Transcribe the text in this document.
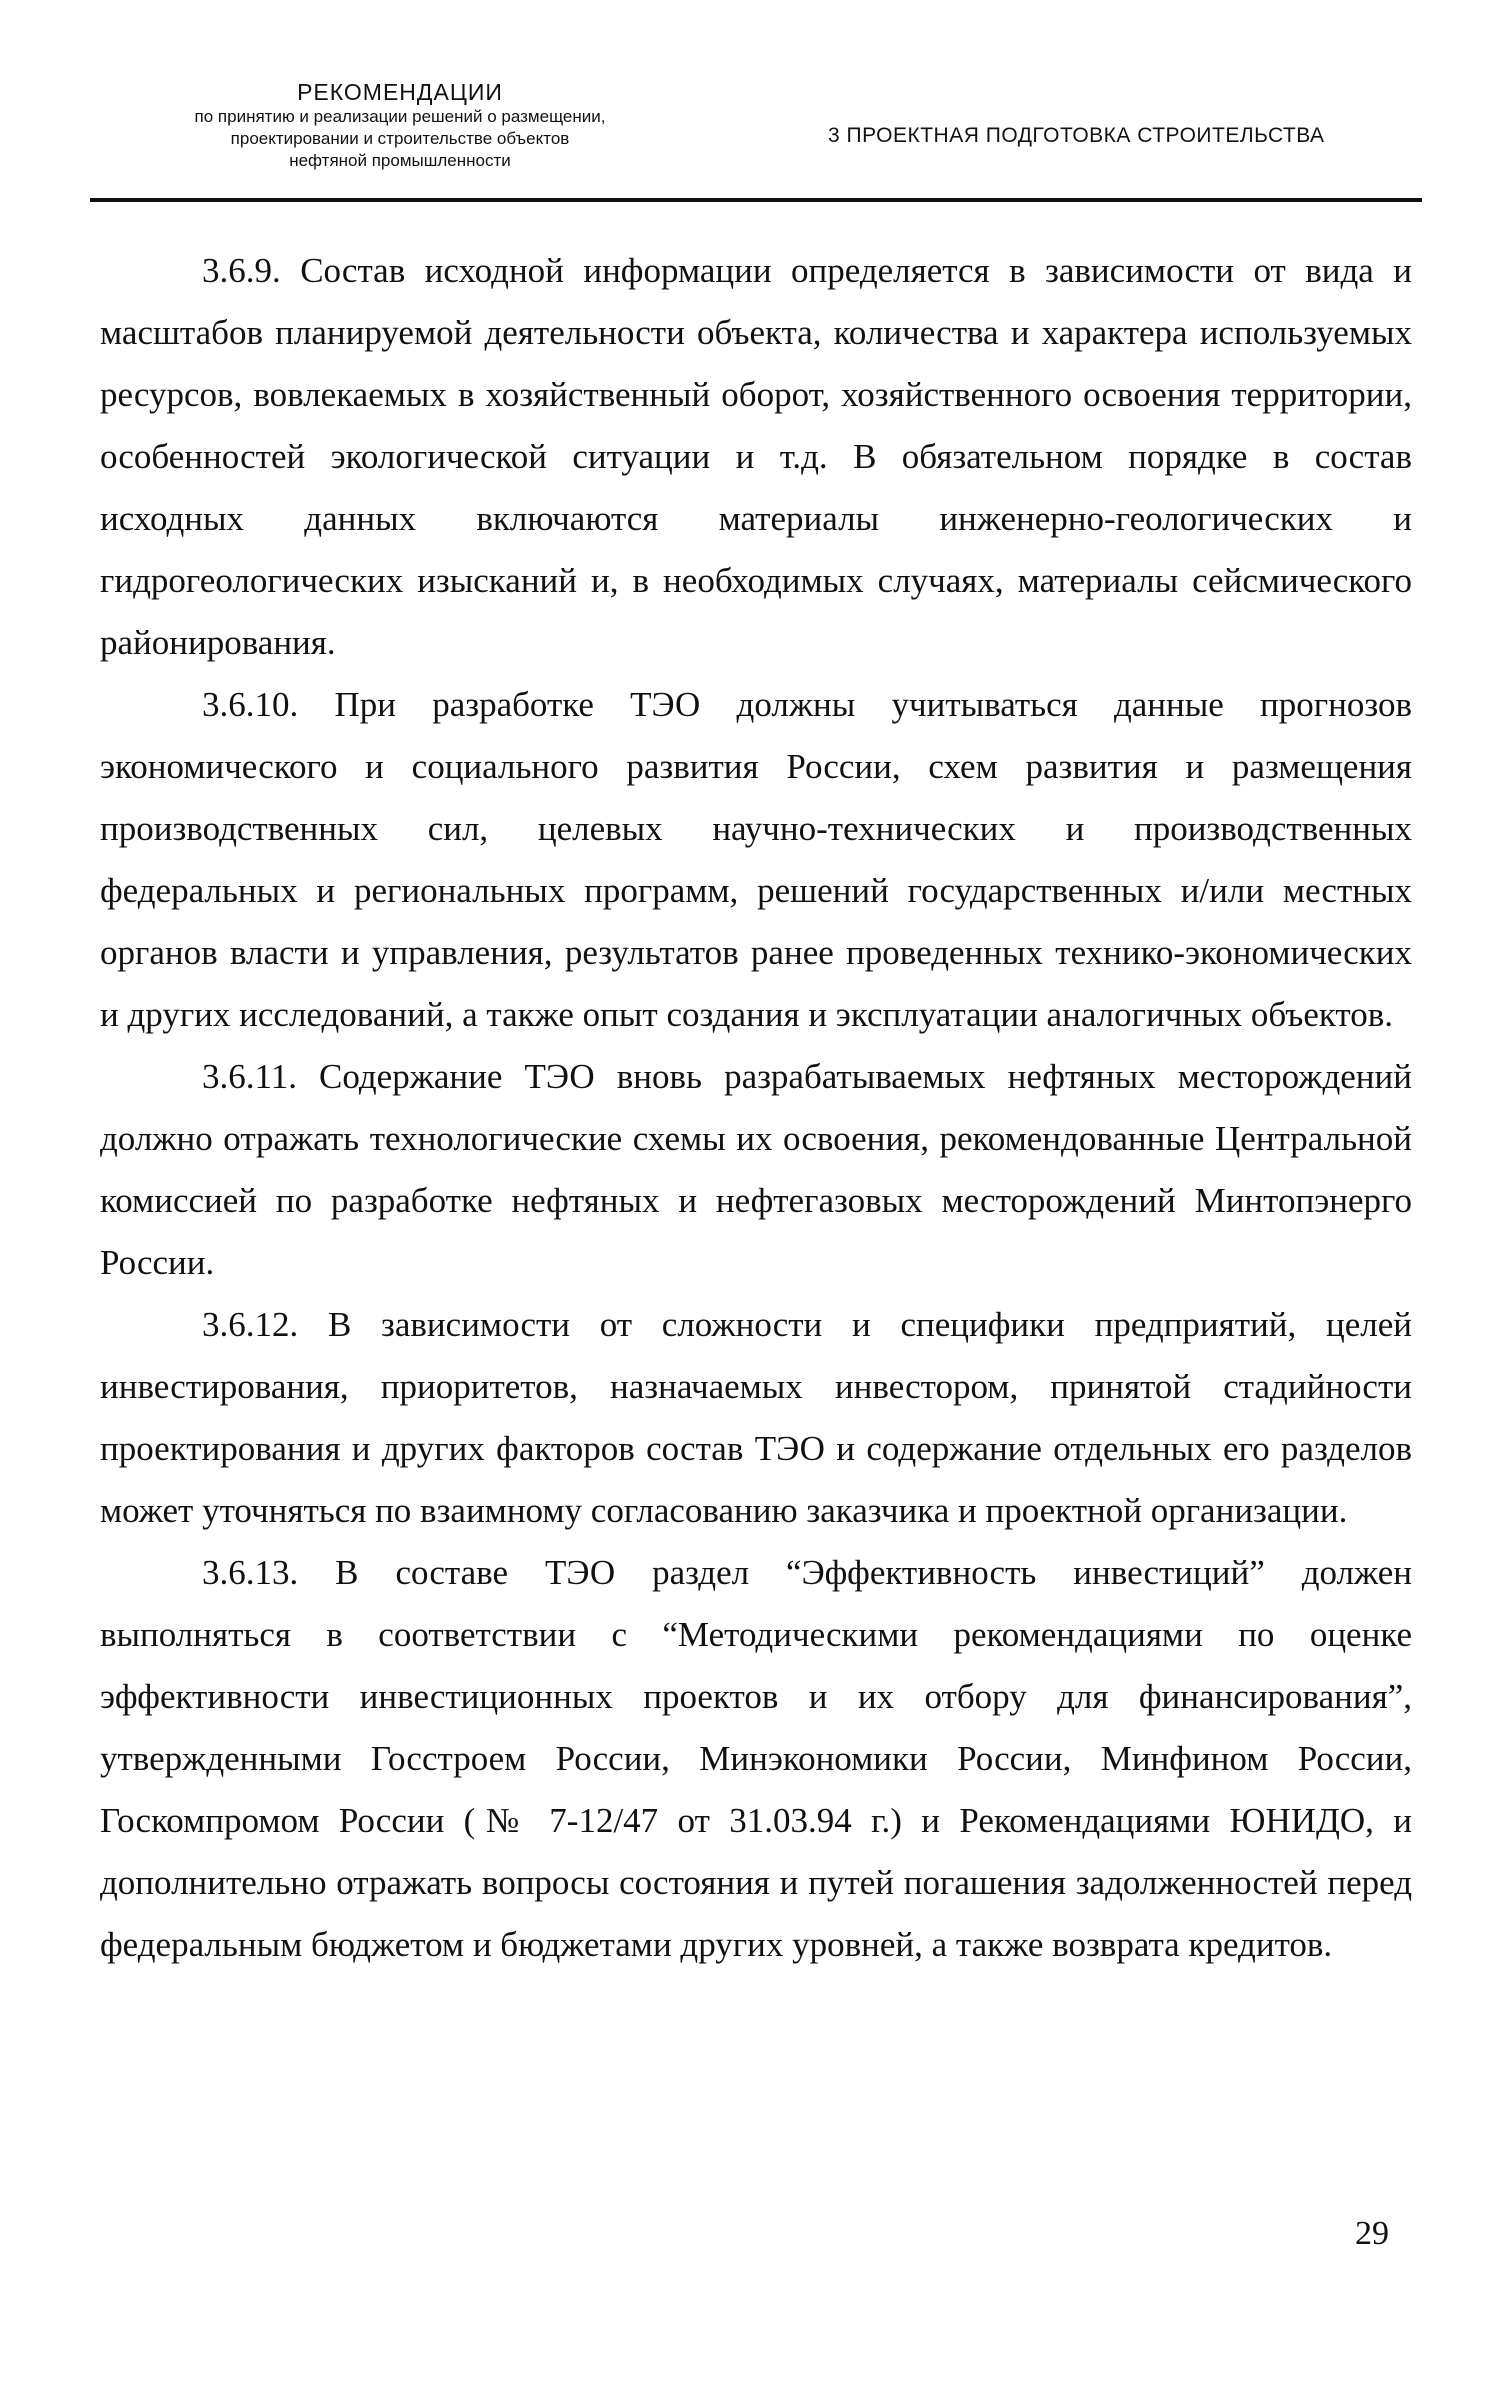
РЕКОМЕНДАЦИИ
по принятию и реализации решений о размещении,
проектировании и строительстве объектов
нефтяной промышленности
3 ПРОЕКТНАЯ ПОДГОТОВКА СТРОИТЕЛЬСТВА

3.6.9. Состав исходной информации определяется в зависимости от вида и масштабов планируемой деятельности объекта, количества и характера используемых ресурсов, вовлекаемых в хозяйственный оборот, хозяйственного освоения территории, особенностей экологической ситуации и т.д. В обязательном порядке в состав исходных данных включаются материалы инженерно-геологических и гидрогеологических изысканий и, в необходимых случаях, материалы сейсмического районирования.

3.6.10. При разработке ТЭО должны учитываться данные прогнозов экономического и социального развития России, схем развития и размещения производственных сил, целевых научно-технических и производственных федеральных и региональных программ, решений государственных и/или местных органов власти и управления, результатов ранее проведенных технико-экономических и других исследований, а также опыт создания и эксплуатации аналогичных объектов.

3.6.11. Содержание ТЭО вновь разрабатываемых нефтяных месторождений должно отражать технологические схемы их освоения, рекомендованные Центральной комиссией по разработке нефтяных и нефтегазовых месторождений Минтопэнерго России.

3.6.12. В зависимости от сложности и специфики предприятий, целей инвестирования, приоритетов, назначаемых инвестором, принятой стадийности проектирования и других факторов состав ТЭО и содержание отдельных его разделов может уточняться по взаимному согласованию заказчика и проектной организации.

3.6.13. В составе ТЭО раздел “Эффективность инвестиций” должен выполняться в соответствии с “Методическими рекомендациями по оценке эффективности инвестиционных проектов и их отбору для финансирования”, утвержденными Госстроем России, Минэкономики России, Минфином России, Госкомпромом России (№ 7-12/47 от 31.03.94 г.) и Рекомендациями ЮНИДО, и дополнительно отражать вопросы состояния и путей погашения задолженностей перед федеральным бюджетом и бюджетами других уровней, а также возврата кредитов.

29
